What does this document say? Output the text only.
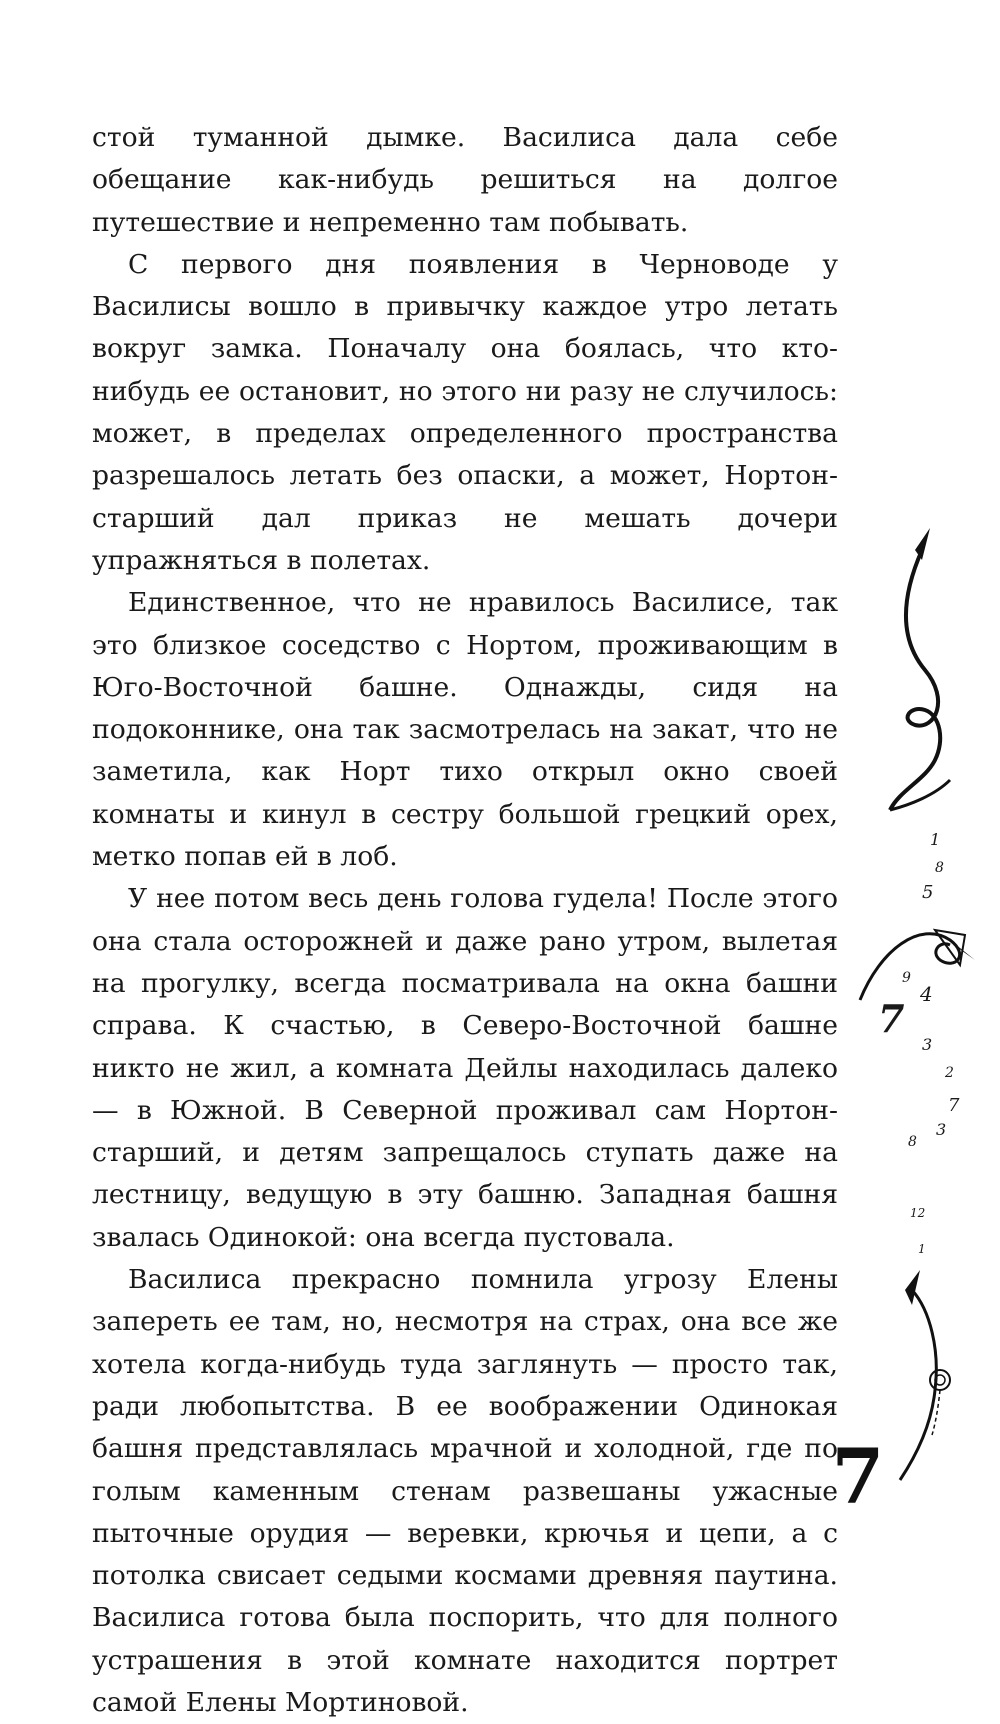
стой туманной дымке. Василиса дала себе обещание как-нибудь решиться на долгое путешествие и непременно там побывать.

С первого дня появления в Черноводе у Василисы вошло в привычку каждое утро летать вокруг замка. Поначалу она боялась, что кто-нибудь ее остановит, но этого ни разу не случилось: может, в пределах определенного пространства разрешалось летать без опаски, а может, Нортон-старший дал приказ не мешать дочери упражняться в полетах.

Единственное, что не нравилось Василисе, так это близкое соседство с Нортом, проживающим в Юго-Восточной башне. Однажды, сидя на подоконнике, она так засмотрелась на закат, что не заметила, как Норт тихо открыл окно своей комнаты и кинул в сестру большой грецкий орех, метко попав ей в лоб.

У нее потом весь день голова гудела! После этого она стала осторожней и даже рано утром, вылетая на прогулку, всегда посматривала на окна башни справа. К счастью, в Северо-Восточной башне никто не жил, а комната Дейлы находилась далеко — в Южной. В Северной проживал сам Нортон-старший, и детям запрещалось ступать даже на лестницу, ведущую в эту башню. Западная башня звалась Одинокой: она всегда пустовала.

Василиса прекрасно помнила угрозу Елены запереть ее там, но, несмотря на страх, она все же хотела когда-нибудь туда заглянуть — просто так, ради любопытства. В ее воображении Одинокая башня представлялась мрачной и холодной, где по голым каменным стенам развешаны ужасные пыточные орудия — веревки, крючья и цепи, а с потолка свисает седыми космами древняя паутина. Василиса готова была поспорить, что для полного устрашения в этой комнате находится портрет самой Елены Мортиновой.

1
8
5
9
4
7
3
2
7
3
8
12
1
7
